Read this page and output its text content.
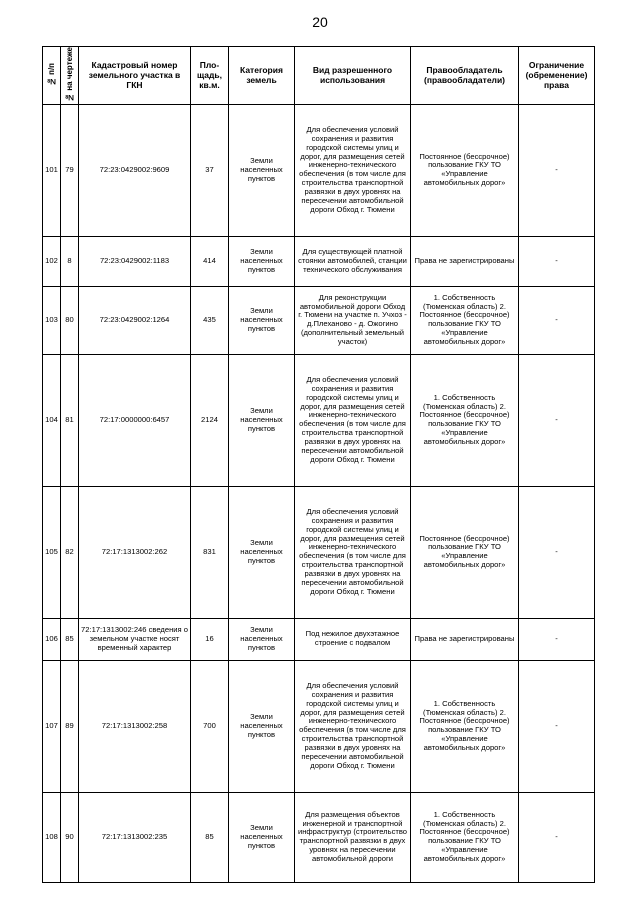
20
№ п/п	№ на чертеже	Кадастровый номер земельного участка в ГКН	Пло-щадь, кв.м.	Категория земель	Вид разрешенного использования	Правообладатель (правообладатели)	Ограничение (обременение) права
101	79	72:23:0429002:9609	37	Земли населенных пунктов	Для обеспечения условий сохранения и развития городской системы улиц и дорог, для размещения сетей инженерно-технического обеспечения (в том числе для строительства транспортной развязки в двух уровнях на пересечении автомобильной дороги Обход г. Тюмени	Постоянное (бессрочное) пользование ГКУ ТО «Управление автомобильных дорог»	-
102	8	72:23:0429002:1183	414	Земли населенных пунктов	Для существующей платной стоянки автомобилей, станции технического обслуживания	Права не зарегистрированы	-
103	80	72:23:0429002:1264	435	Земли населенных пунктов	Для реконструкции автомобильной дороги Обход г. Тюмени на участке п. Учхоз - д.Плеханово - д. Ожогино (дополнительный земельный участок)	1. Собственность (Тюменская область) 2. Постоянное (бессрочное) пользование ГКУ ТО «Управление автомобильных дорог»	-
104	81	72:17:0000000:6457	2124	Земли населенных пунктов	Для обеспечения условий сохранения и развития городской системы улиц и дорог, для размещения сетей инженерно-технического обеспечения (в том числе для строительства транспортной развязки в двух уровнях на пересечении автомобильной дороги Обход г. Тюмени	1. Собственность (Тюменская область) 2. Постоянное (бессрочное) пользование ГКУ ТО «Управление автомобильных дорог»	-
105	82	72:17:1313002:262	831	Земли населенных пунктов	Для обеспечения условий сохранения и развития городской системы улиц и дорог, для размещения сетей инженерно-технического обеспечения (в том числе для строительства транспортной развязки в двух уровнях на пересечении автомобильной дороги Обход г. Тюмени	Постоянное (бессрочное) пользование ГКУ ТО «Управление автомобильных дорог»	-
106	85	72:17:1313002:246 сведения о земельном участке носят временный характер	16	Земли населенных пунктов	Под нежилое двухэтажное строение с подвалом	Права не зарегистрированы	-
107	89	72:17:1313002:258	700	Земли населенных пунктов	Для обеспечения условий сохранения и развития городской системы улиц и дорог, для размещения сетей инженерно-технического обеспечения (в том числе для строительства транспортной развязки в двух уровнях на пересечении автомобильной дороги Обход г. Тюмени	1. Собственность (Тюменская область) 2. Постоянное (бессрочное) пользование ГКУ ТО «Управление автомобильных дорог»	-
108	90	72:17:1313002:235	85	Земли населенных пунктов	Для размещения объектов инженерной и транспортной инфраструктур (строительство транспортной развязки в двух уровнях на пересечении автомобильной дороги	1. Собственность (Тюменская область) 2. Постоянное (бессрочное) пользование ГКУ ТО «Управление автомобильных дорог»	-
